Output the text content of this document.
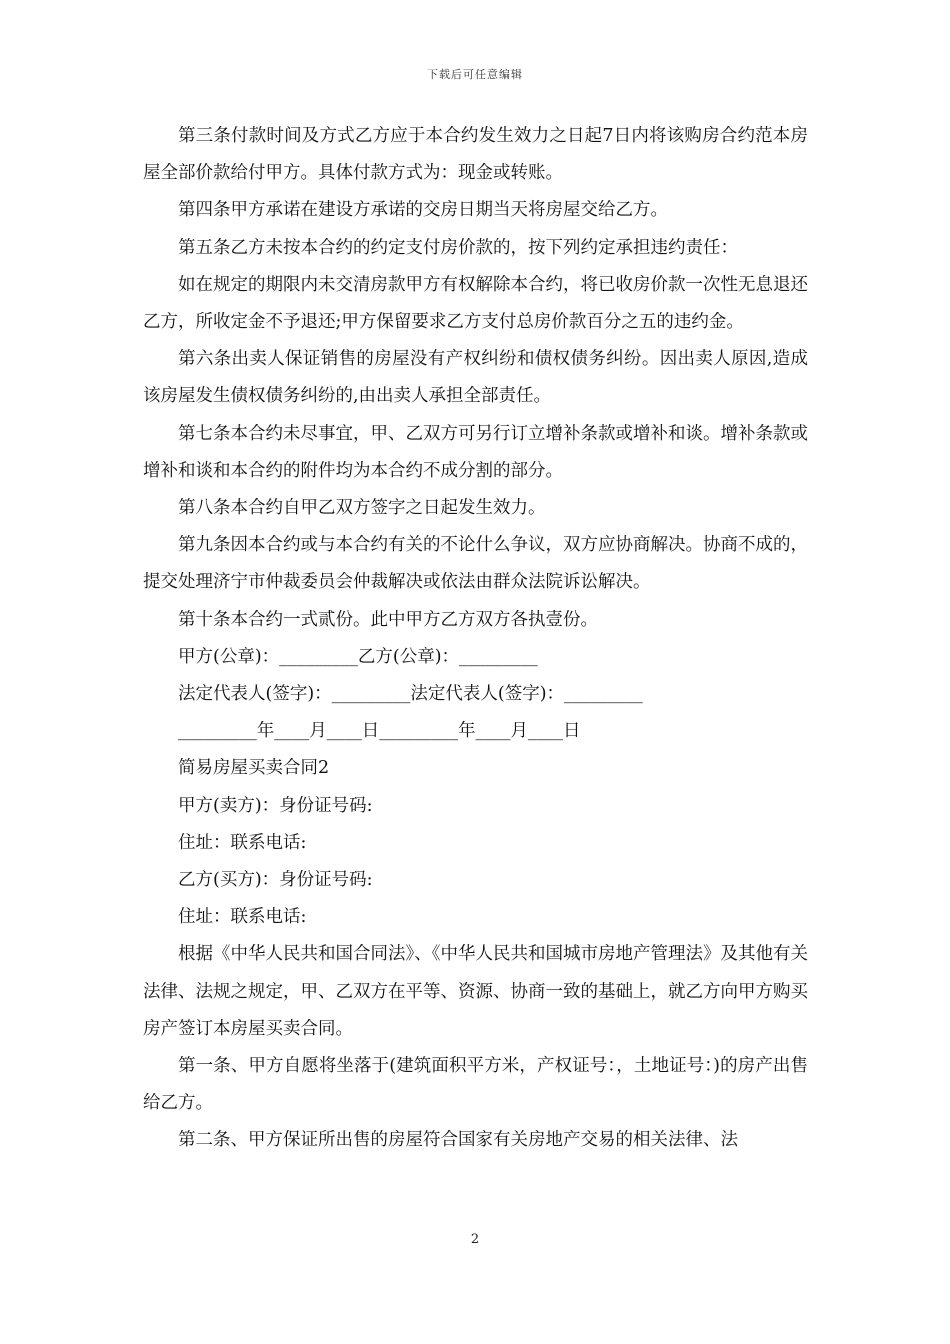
下载后可任意编辑

第三条付款时间及方式乙方应于本合约发生效力之日起7日内将该购房合约范本房屋全部价款给付甲方。具体付款方式为：现金或转账。

第四条甲方承诺在建设方承诺的交房日期当天将房屋交给乙方。

第五条乙方未按本合约的约定支付房价款的，按下列约定承担违约责任：

如在规定的期限内未交清房款甲方有权解除本合约，将已收房价款一次性无息退还乙方，所收定金不予退还;甲方保留要求乙方支付总房价款百分之五的违约金。

第六条出卖人保证销售的房屋没有产权纠纷和债权债务纠纷。因出卖人原因,造成该房屋发生债权债务纠纷的,由出卖人承担全部责任。

第七条本合约未尽事宜，甲、乙双方可另行订立增补条款或增补和谈。增补条款或增补和谈和本合约的附件均为本合约不成分割的部分。

第八条本合约自甲乙双方签字之日起发生效力。

第九条因本合约或与本合约有关的不论什么争议，双方应协商解决。协商不成的，提交处理济宁市仲裁委员会仲裁解决或依法由群众法院诉讼解决。

第十条本合约一式贰份。此中甲方乙方双方各执壹份。

甲方(公章)：_________乙方(公章)：_________

法定代表人(签字)：_________法定代表人(签字)：_________

_________年____月____日_________年____月____日

简易房屋买卖合同2

甲方(卖方)：身份证号码:

住址：联系电话:

乙方(买方)：身份证号码:

住址：联系电话:

根据《中华人民共和国合同法》、《中华人民共和国城市房地产管理法》及其他有关法律、法规之规定，甲、乙双方在平等、资源、协商一致的基础上，就乙方向甲方购买房产签订本房屋买卖合同。

第一条、甲方自愿将坐落于(建筑面积平方米，产权证号：，土地证号：)的房产出售给乙方。

第二条、甲方保证所出售的房屋符合国家有关房地产交易的相关法律、法

2
